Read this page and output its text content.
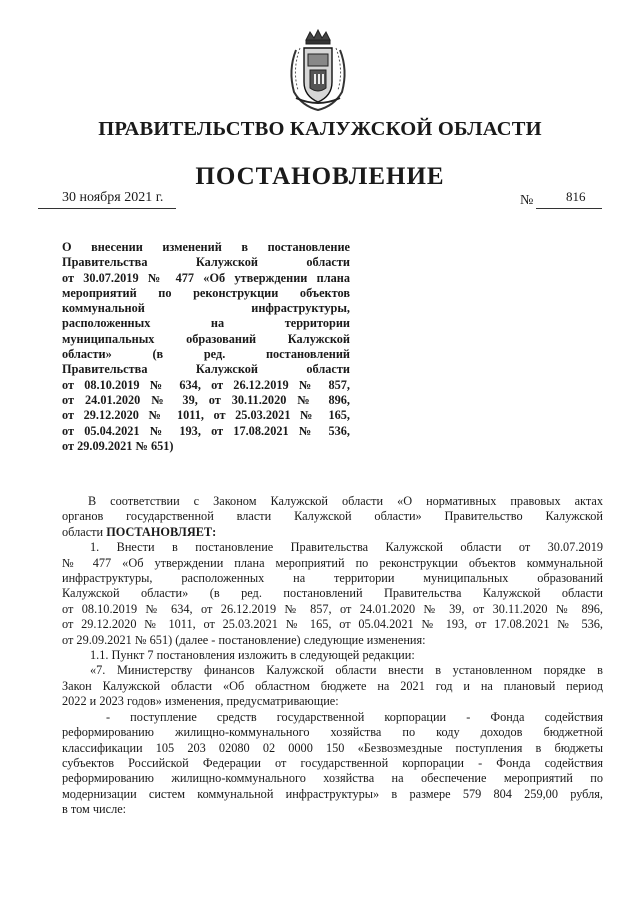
ПРАВИТЕЛЬСТВО КАЛУЖСКОЙ ОБЛАСТИ
ПОСТАНОВЛЕНИЕ
30 ноября 2021 г.	№	816
О внесении изменений в постановление
Правительства Калужской области
от 30.07.2019 № 477 «Об утверждении плана
мероприятий по реконструкции объектов
коммунальной инфраструктуры,
расположенных на территории
муниципальных образований Калужской
области» (в ред. постановлений
Правительства Калужской области
от 08.10.2019 № 634, от 26.12.2019 № 857,
от 24.01.2020 № 39, от 30.11.2020 № 896,
от 29.12.2020 № 1011, от 25.03.2021 № 165,
от 05.04.2021 № 193, от 17.08.2021 № 536,
от 29.09.2021 № 651)
В соответствии с Законом Калужской области «О нормативных правовых актах
органов государственной власти Калужской области» Правительство Калужской
области ПОСТАНОВЛЯЕТ:
1. Внести в постановление Правительства Калужской области от 30.07.2019
№ 477 «Об утверждении плана мероприятий по реконструкции объектов коммунальной
инфраструктуры, расположенных на территории муниципальных образований
Калужской области» (в ред. постановлений Правительства Калужской области
от 08.10.2019 № 634, от 26.12.2019 № 857, от 24.01.2020 № 39, от 30.11.2020 № 896,
от 29.12.2020 № 1011, от 25.03.2021 № 165, от 05.04.2021 № 193, от 17.08.2021 № 536,
от 29.09.2021 № 651) (далее - постановление) следующие изменения:
1.1. Пункт 7 постановления изложить в следующей редакции:
«7. Министерству финансов Калужской области внести в установленном порядке в
Закон Калужской области «Об областном бюджете на 2021 год и на плановый период
2022 и 2023 годов» изменения, предусматривающие:
- поступление средств государственной корпорации - Фонда содействия
реформированию жилищно-коммунального хозяйства по коду доходов бюджетной
классификации 105 203 02080 02 0000 150 «Безвозмездные поступления в бюджеты
субъектов Российской Федерации от государственной корпорации - Фонда содействия
реформированию жилищно-коммунального хозяйства на обеспечение мероприятий по
модернизации систем коммунальной инфраструктуры» в размере 579 804 259,00 рубля,
в том числе:
